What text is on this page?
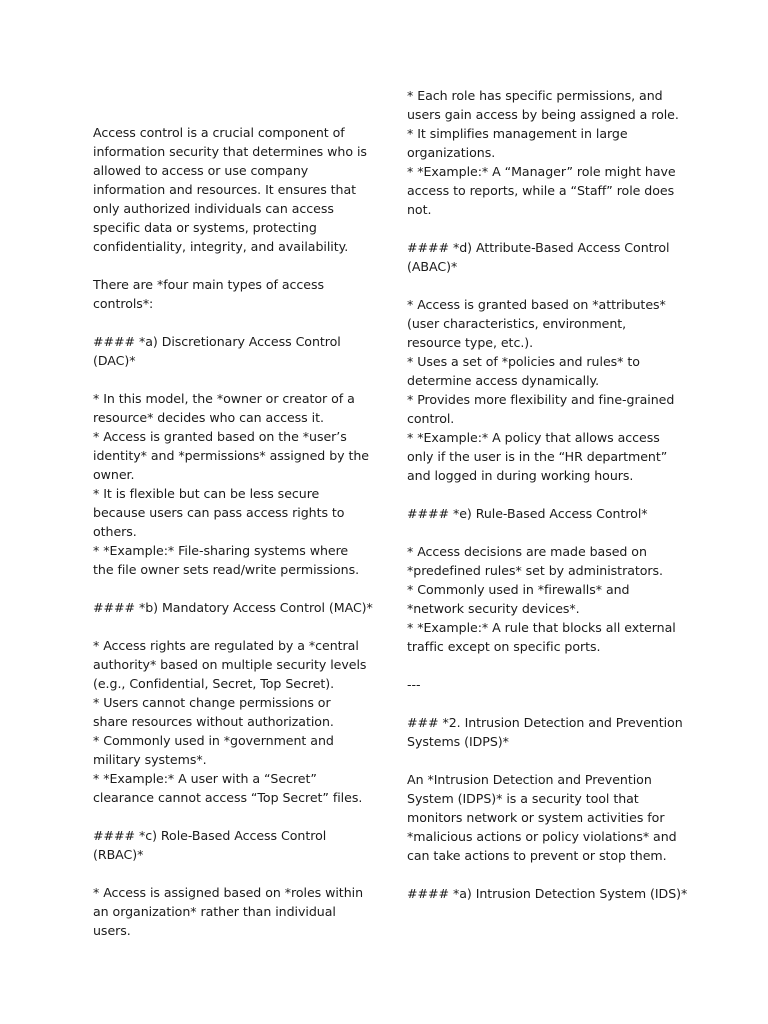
Access control is a crucial component of
information security that determines who is
allowed to access or use company
information and resources. It ensures that
only authorized individuals can access
specific data or systems, protecting
confidentiality, integrity, and availability.
There are *four main types of access
controls*:
#### *a) Discretionary Access Control
(DAC)*
* In this model, the *owner or creator of a
resource* decides who can access it.
* Access is granted based on the *user’s
identity* and *permissions* assigned by the
owner.
* It is flexible but can be less secure
because users can pass access rights to
others.
* *Example:* File-sharing systems where
the file owner sets read/write permissions.
#### *b) Mandatory Access Control (MAC)*
* Access rights are regulated by a *central
authority* based on multiple security levels
(e.g., Confidential, Secret, Top Secret).
* Users cannot change permissions or
share resources without authorization.
* Commonly used in *government and
military systems*.
* *Example:* A user with a “Secret”
clearance cannot access “Top Secret” files.
#### *c) Role-Based Access Control
(RBAC)*
* Access is assigned based on *roles within
an organization* rather than individual
users.
* Each role has specific permissions, and
users gain access by being assigned a role.
* It simplifies management in large
organizations.
* *Example:* A “Manager” role might have
access to reports, while a “Staff” role does
not.
#### *d) Attribute-Based Access Control
(ABAC)*
* Access is granted based on *attributes*
(user characteristics, environment,
resource type, etc.).
* Uses a set of *policies and rules* to
determine access dynamically.
* Provides more flexibility and fine-grained
control.
* *Example:* A policy that allows access
only if the user is in the “HR department”
and logged in during working hours.
#### *e) Rule-Based Access Control*
* Access decisions are made based on
*predefined rules* set by administrators.
* Commonly used in *firewalls* and
*network security devices*.
* *Example:* A rule that blocks all external
traffic except on specific ports.
---
### *2. Intrusion Detection and Prevention
Systems (IDPS)*
An *Intrusion Detection and Prevention
System (IDPS)* is a security tool that
monitors network or system activities for
*malicious actions or policy violations* and
can take actions to prevent or stop them.
#### *a) Intrusion Detection System (IDS)*
